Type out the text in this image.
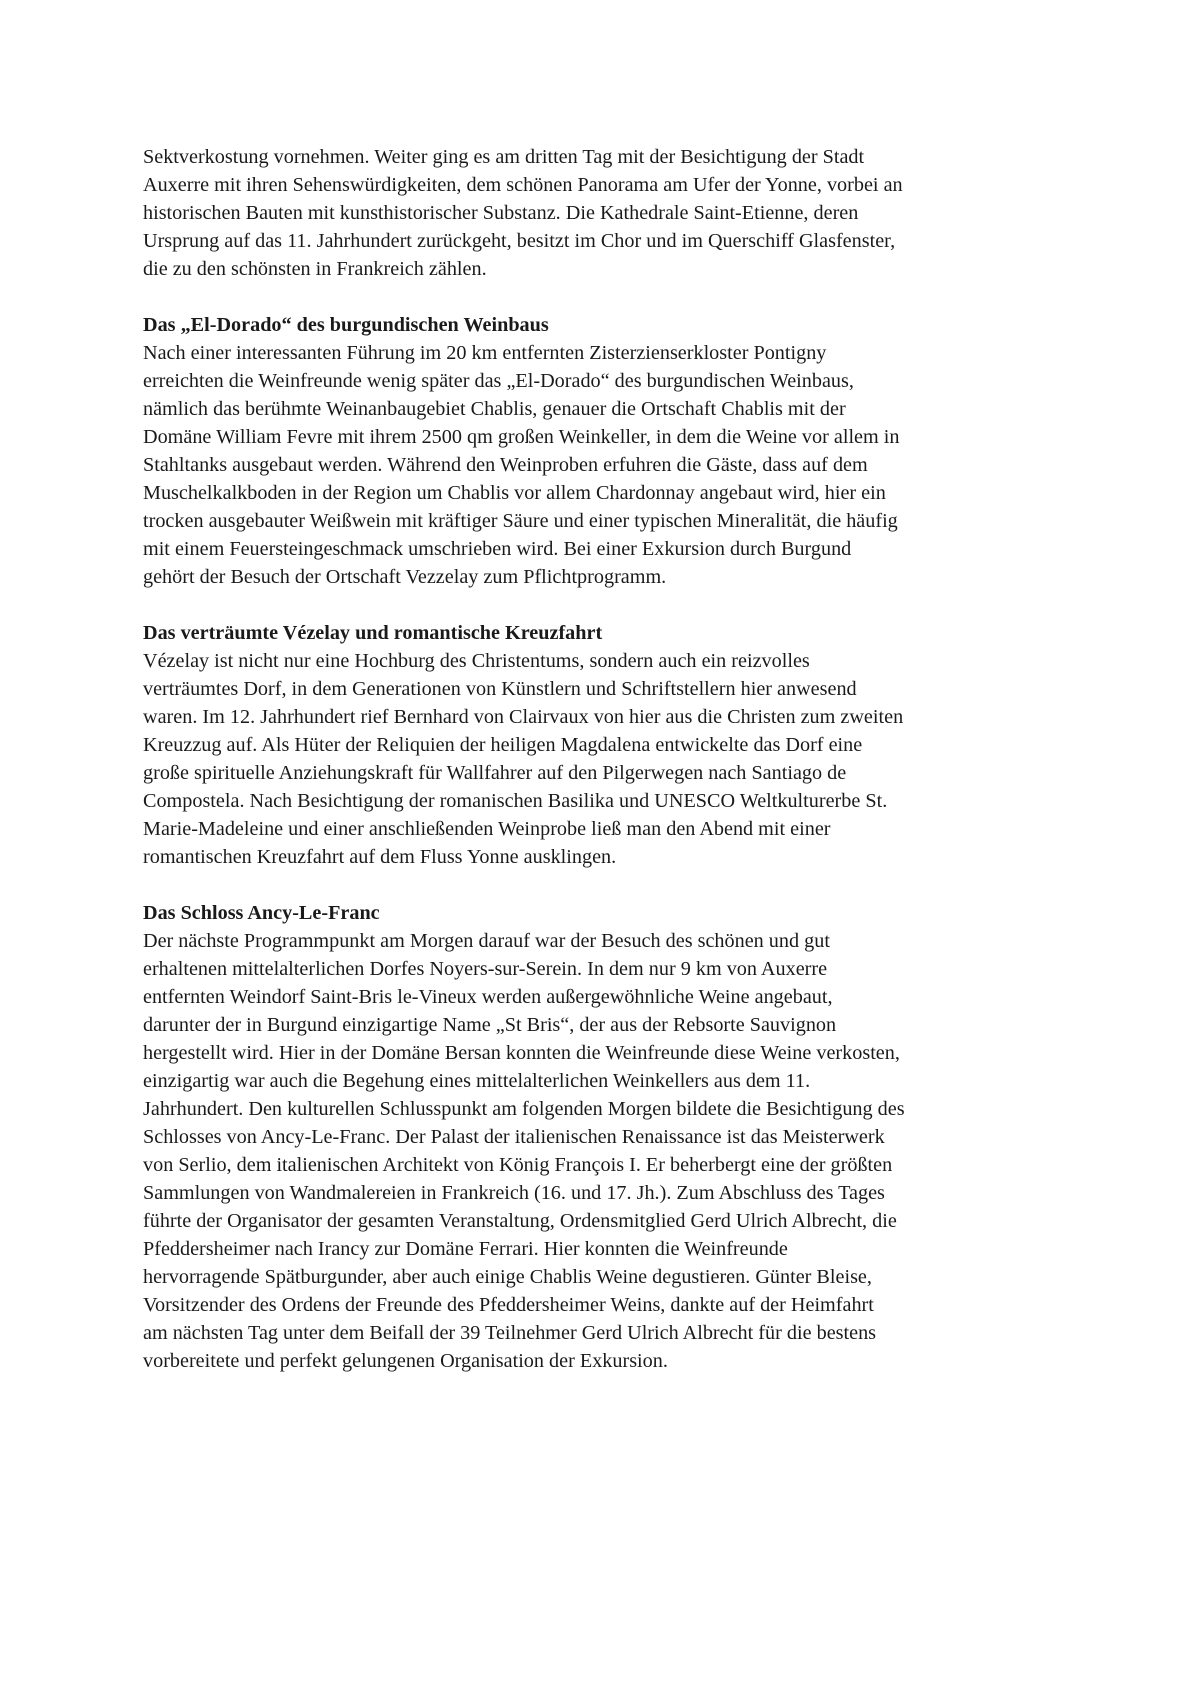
Sektverkostung vornehmen. Weiter ging es am dritten Tag mit der Besichtigung der Stadt
Auxerre mit ihren Sehenswürdigkeiten, dem schönen Panorama am Ufer der Yonne, vorbei an
historischen Bauten mit kunsthistorischer Substanz. Die Kathedrale Saint-Etienne, deren
Ursprung auf das 11. Jahrhundert zurückgeht, besitzt im Chor und im Querschiff Glasfenster,
die zu den schönsten in Frankreich zählen.

Das „El-Dorado“ des burgundischen Weinbaus

Nach einer interessanten Führung im 20 km entfernten Zisterzienserkloster Pontigny
erreichten die Weinfreunde wenig später das „El-Dorado“ des burgundischen Weinbaus,
nämlich das berühmte Weinanbaugebiet Chablis, genauer die Ortschaft Chablis mit der
Domäne William Fevre mit ihrem 2500 qm großen Weinkeller, in dem die Weine vor allem in
Stahltanks ausgebaut werden. Während den Weinproben erfuhren die Gäste, dass auf dem
Muschelkalkboden in der Region um Chablis vor allem Chardonnay angebaut wird, hier ein
trocken ausgebauter Weißwein mit kräftiger Säure und einer typischen Mineralität, die häufig
mit einem Feuersteingeschmack umschrieben wird. Bei einer Exkursion durch Burgund
gehört der Besuch der Ortschaft Vezzelay zum Pflichtprogramm.

Das verträumte Vézelay und romantische Kreuzfahrt

Vézelay ist nicht nur eine Hochburg des Christentums, sondern auch ein reizvolles
verträumtes Dorf, in dem Generationen von Künstlern und Schriftstellern hier anwesend
waren. Im 12. Jahrhundert rief Bernhard von Clairvaux von hier aus die Christen zum zweiten
Kreuzzug auf. Als Hüter der Reliquien der heiligen Magdalena entwickelte das Dorf eine
große spirituelle Anziehungskraft für Wallfahrer auf den Pilgerwegen nach Santiago de
Compostela. Nach Besichtigung der romanischen Basilika und UNESCO Weltkulturerbe St.
Marie-Madeleine und einer anschließenden Weinprobe ließ man den Abend mit einer
romantischen Kreuzfahrt auf dem Fluss Yonne ausklingen.

Das Schloss Ancy-Le-Franc

Der nächste Programmpunkt am Morgen darauf war der Besuch des schönen und gut
erhaltenen mittelalterlichen Dorfes Noyers-sur-Serein. In dem nur 9 km von Auxerre
entfernten Weindorf Saint-Bris le-Vineux werden außergewöhnliche Weine angebaut,
darunter der in Burgund einzigartige Name „St Bris“, der aus der Rebsorte Sauvignon
hergestellt wird. Hier in der Domäne Bersan konnten die Weinfreunde diese Weine verkosten,
einzigartig war auch die Begehung eines mittelalterlichen Weinkellers aus dem 11.
Jahrhundert. Den kulturellen Schlusspunkt am folgenden Morgen bildete die Besichtigung des
Schlosses von Ancy-Le-Franc. Der Palast der italienischen Renaissance ist das Meisterwerk
von Serlio, dem italienischen Architekt von König François I. Er beherbergt eine der größten
Sammlungen von Wandmalereien in Frankreich (16. und 17. Jh.). Zum Abschluss des Tages
führte der Organisator der gesamten Veranstaltung, Ordensmitglied Gerd Ulrich Albrecht, die
Pfeddersheimer nach Irancy zur Domäne Ferrari. Hier konnten die Weinfreunde
hervorragende Spätburgunder, aber auch einige Chablis Weine degustieren. Günter Bleise,
Vorsitzender des Ordens der Freunde des Pfeddersheimer Weins, dankte auf der Heimfahrt
am nächsten Tag unter dem Beifall der 39 Teilnehmer Gerd Ulrich Albrecht für die bestens
vorbereitete und perfekt gelungenen Organisation der Exkursion.
